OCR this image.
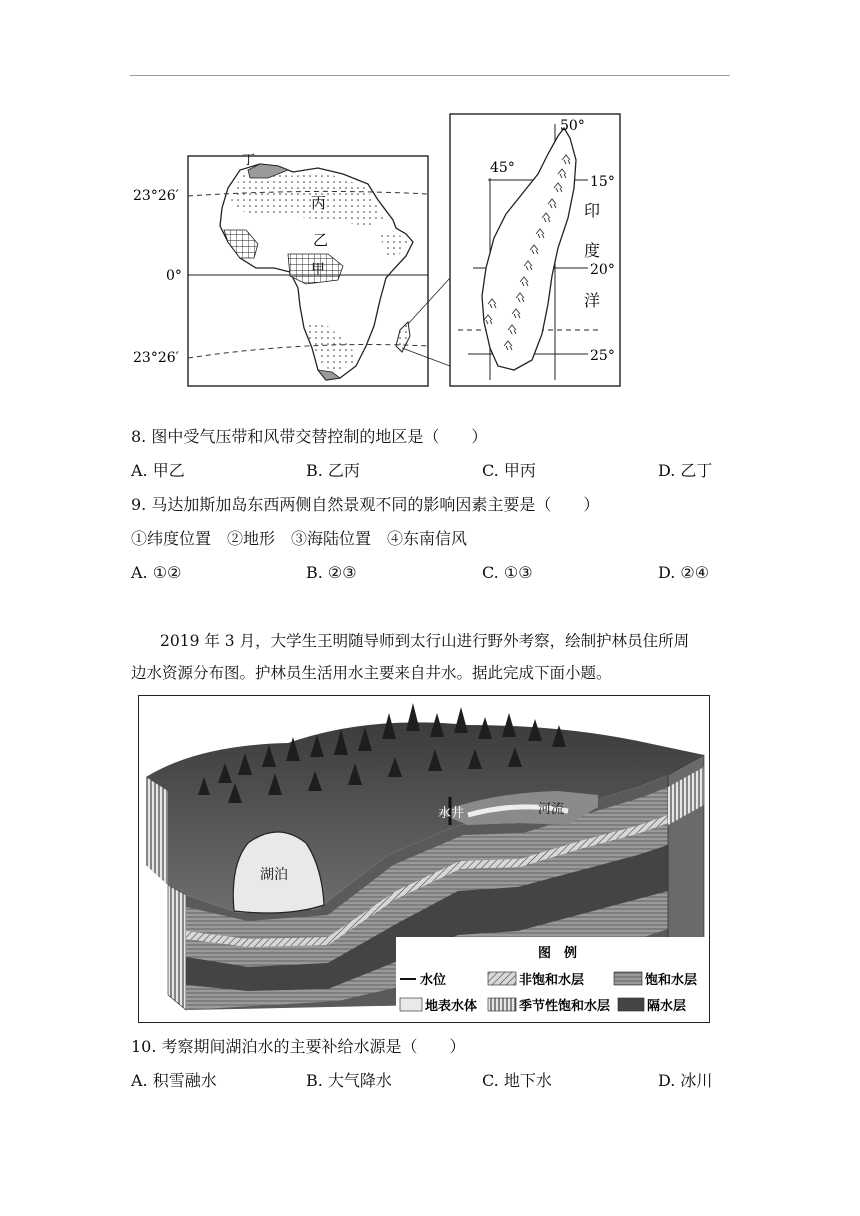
丁
丙
乙
甲
23°26′
0°
23°26′
50°
45°
15°
20°
25°
印
度
洋
8. 图中受气压带和风带交替控制的地区是（　　）
A. 甲乙	B. 乙丙	C. 甲丙	D. 乙丁
9. 马达加斯加岛东西两侧自然景观不同的影响因素主要是（　　）
①纬度位置　②地形　③海陆位置　④东南信风
A. ①②	B. ②③	C. ①③	D. ②④
2019 年 3 月，大学生王明随导师到太行山进行野外考察，绘制护林员住所周
边水资源分布图。护林员生活用水主要来自井水。据此完成下面小题。
水井	河流
湖泊
图　例
水位	非饱和水层	饱和水层
地表水体	季节性饱和水层	隔水层
10. 考察期间湖泊水的主要补给水源是（　　）
A. 积雪融水	B. 大气降水	C. 地下水	D. 冰川
